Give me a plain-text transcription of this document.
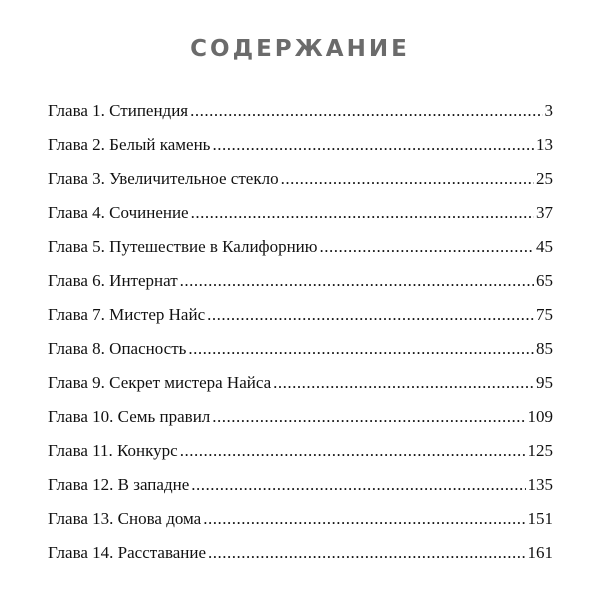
СОДЕРЖАНИЕ
Глава 1. Стипендия .....	3
Глава 2. Белый камень .....	13
Глава 3. Увеличительное стекло .....	25
Глава 4. Сочинение .....	37
Глава 5. Путешествие в Калифорнию .....	45
Глава 6. Интернат .....	65
Глава 7. Мистер Найс .....	75
Глава 8. Опасность .....	85
Глава 9. Секрет мистера Найса .....	95
Глава 10. Семь правил .....	109
Глава 11. Конкурс .....	125
Глава 12. В западне .....	135
Глава 13. Снова дома .....	151
Глава 14. Расставание .....	161
